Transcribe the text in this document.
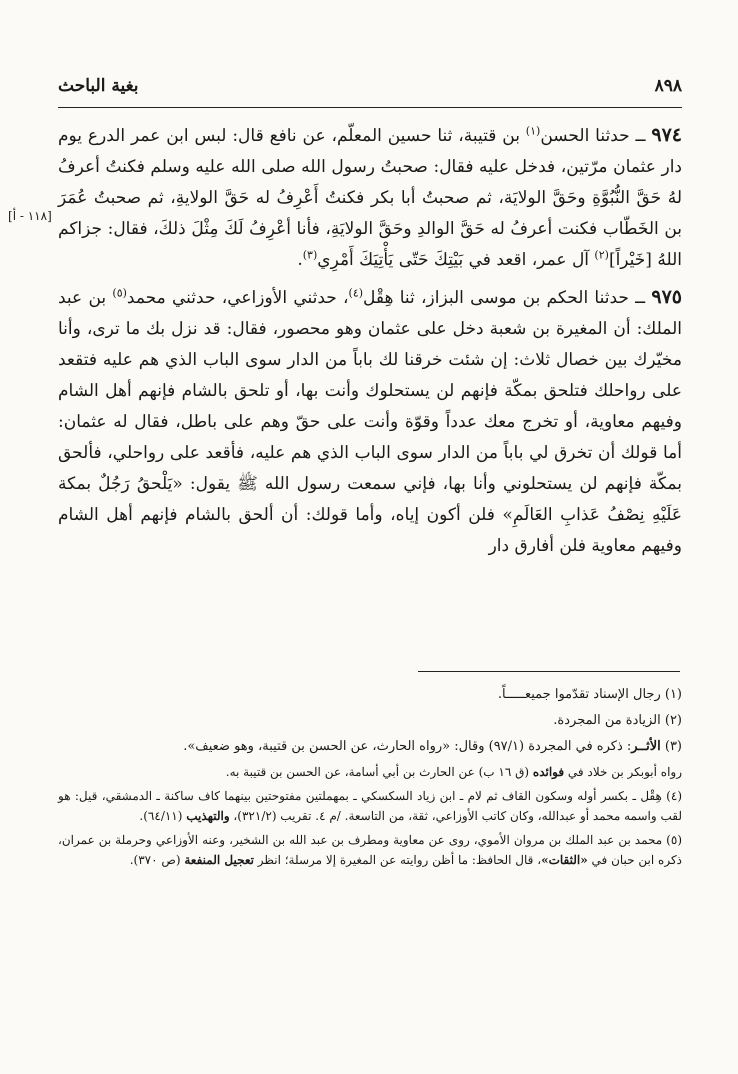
بغية الباحث	٨٩٨
[١١٨ - أ]

٩٧٤ ــ حدثنا الحسن$^{(١)}$ بن قتيبة، ثنا حسين المعلّم، عن نافع قال: لبس ابن عمر الدرع يوم دار عثمان مرّتين، فدخل عليه فقال: صحبتُ رسول الله صلى الله عليه وسلم فكنتُ أعرفُ لهُ حَقَّ النُّبُوَّةِ وحَقَّ الولايَة، ثم صحبتُ أبا بكر فكنتُ أَعْرِفُ له حَقَّ الولايةِ، ثم صحبتُ عُمَرَ بن الخَطّاب فكنت أعرفُ له حَقَّ الوالدِ وحَقَّ الولايَةِ، فأنا أعْرِفُ لَكَ مِثْلَ ذلكَ، فقال: جزاكم اللهُ [خَيْراً]$^{(٢)}$ آل عمر، اقعد في بَيْتِكَ حَتّى يَأْتِيَكَ أَمْرِي$^{(٣)}$.

٩٧٥ ــ حدثنا الحكم بن موسى البزاز، ثنا هِقْل$^{(٤)}$، حدثني الأوزاعي، حدثني محمد$^{(٥)}$ بن عبد الملك: أن المغيرة بن شعبة دخل على عثمان وهو محصور، فقال: قد نزل بك ما ترى، وأنا مخيّرك بين خصال ثلاث: إن شئت خرقنا لك باباً من الدار سوى الباب الذي هم عليه فتقعد على رواحلك فتلحق بمكّة فإنهم لن يستحلوك وأنت بها، أو تلحق بالشام فإنهم أهل الشام وفيهم معاوية، أو تخرج معك عدداً وقوّة وأنت على حقّ وهم على باطل، فقال له عثمان: أما قولك أن تخرق لي باباً من الدار سوى الباب الذي هم عليه، فأقعد على رواحلي، فألحق بمكّة فإنهم لن يستحلوني وأنا بها، فإني سمعت رسول الله ﷺ يقول: «يَلْحقُ رَجُلٌ بمكة عَلَيْهِ نِصْفُ عَذابِ العَالَمِ» فلن أكون إياه، وأما قولك: أن ألحق بالشام فإنهم أهل الشام وفيهم معاوية فلن أفارق دار

(١) رجال الإسناد تقدّموا جميعـــــاً.

(٢) الزيادة من المجردة.

(٣) الأثــر: ذكره في المجردة (٩٧/١) وقال: «رواه الحارث، عن الحسن بن قتيبة، وهو ضعيف».

رواه أبوبكر بن خلاد في فوائده (ق ١٦ ب) عن الحارث بن أبي أسامة، عن الحسن بن قتيبة به.

(٤) هِقْل ـ بكسر أوله وسكون القاف ثم لام ـ ابن زياد السكسكي ـ بمهملتين مفتوحتين بينهما كاف ساكنة ـ الدمشقي، قيل: هو لقب واسمه محمد أو عبدالله، وكان كاتب الأوزاعي، ثقة، من التاسعة. /م ٤. تقريب (٣٢١/٢)، والتهذيب (٦٤/١١).

(٥) محمد بن عبد الملك بن مروان الأموي، روى عن معاوية ومطرف بن عبد الله بن الشخير، وعنه الأوزاعي وحرملة بن عمران، ذكره ابن حبان في «الثقات»، قال الحافظ: ما أظن روايته عن المغيرة إلا مرسلة؛ انظر تعجيل المنفعة (ص ٣٧٠).
